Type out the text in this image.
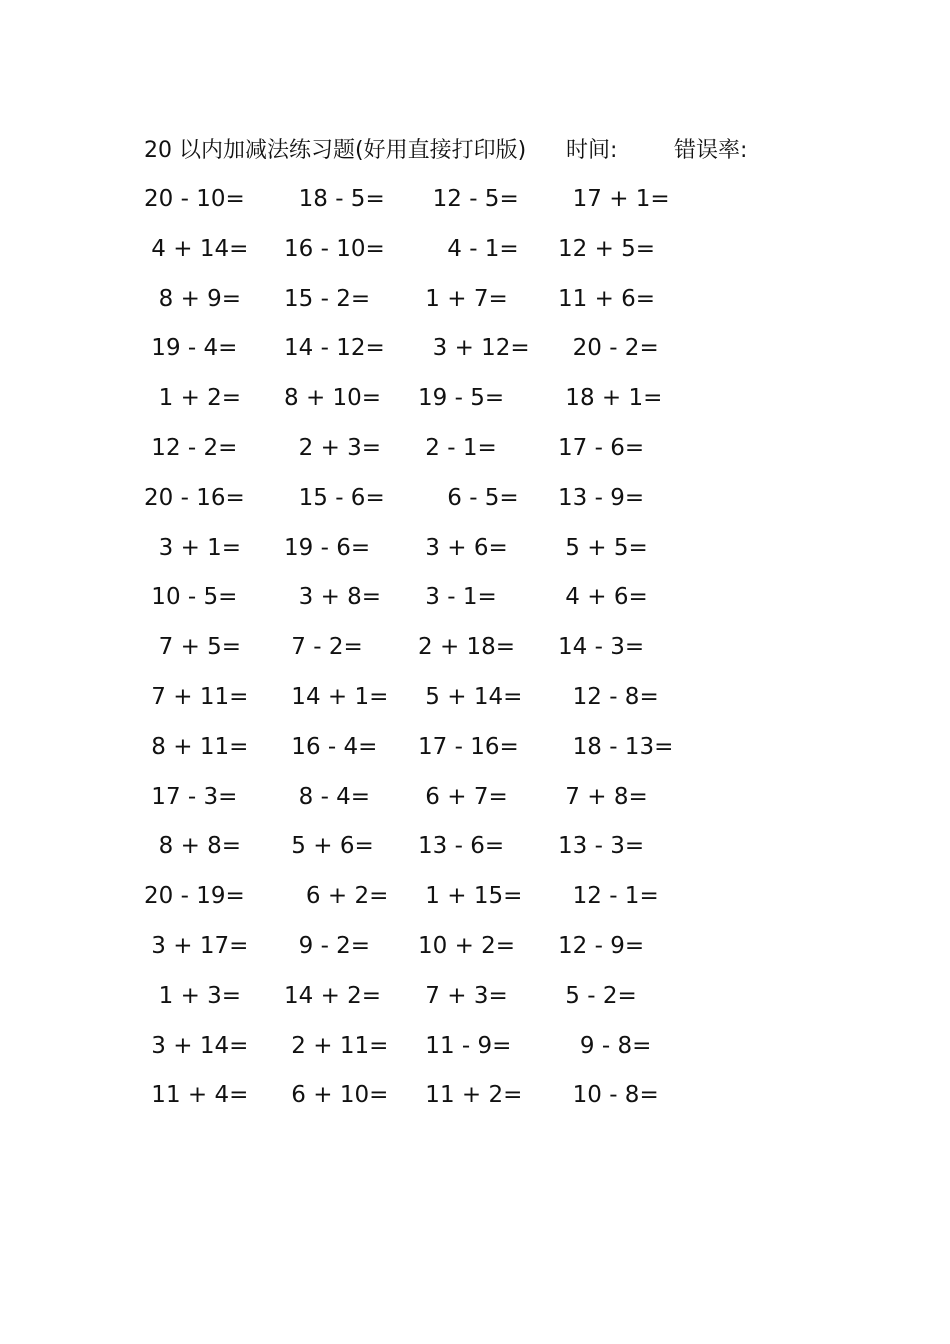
20 以内加减法练习题(好用直接打印版) 时间:	错误率:
20 - 10= 18 - 5= 12 - 5= 17 + 1=
4 + 14= 16 - 10= 4 - 1= 12 + 5=
8 + 9= 15 - 2= 1 + 7= 11 + 6=
19 - 4= 14 - 12= 3 + 12= 20 - 2=
1 + 2= 8 + 10= 19 - 5= 18 + 1=
12 - 2= 2 + 3= 2 - 1=	17 - 6=
20 - 16= 15 - 6= 6 - 5= 13 - 9=
3 + 1= 19 - 6= 3 + 6= 5 + 5=
10 - 5= 3 + 8= 3 - 1=	4 + 6=
7 + 5= 7 - 2= 2 + 18= 14 - 3=
7 + 11= 14 + 1= 5 + 14= 12 - 8=
8 + 11= 16 - 4= 17 - 16= 18 - 13=
17 - 3= 8 - 4= 6 + 7= 7 + 8=
8 + 8= 5 + 6= 13 - 6= 13 - 3=
20 - 19= 6 + 2= 1 + 15= 12 - 1=
3 + 17= 9 - 2= 10 + 2= 12 - 9=
1 + 3= 14 + 2= 7 + 3= 5 - 2=
3 + 14= 2 + 11= 11 - 9= 9 - 8=
11 + 4= 6 + 10= 11 + 2= 10 - 8=
